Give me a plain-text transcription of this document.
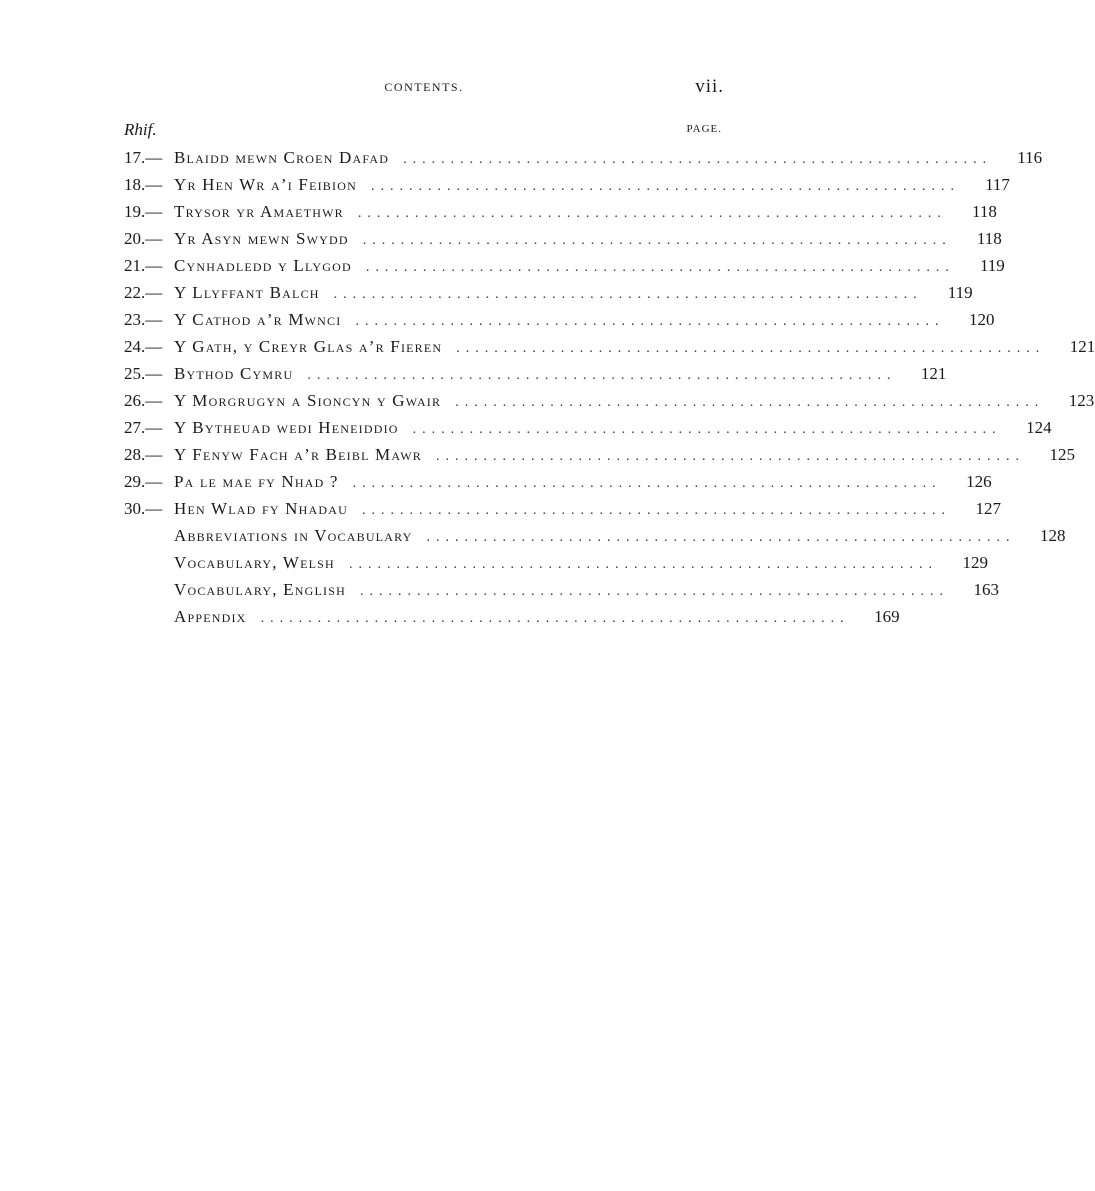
CONTENTS.	vii.
Rhif.	PAGE.
17.— Blaidd mewn Croen Dafad	..............................................................	116
18.— Yr Hen Wr a’i Feibion	..............................................................	117
19.— Trysor yr Amaethwr	..............................................................	118
20.— Yr Asyn mewn Swydd	..............................................................	118
21.— Cynhadledd y Llygod	..............................................................	119
22.— Y Llyffant Balch	..............................................................	119
23.— Y Cathod a’r Mwnci	..............................................................	120
24.— Y Gath, y Creyr Glas a’r Fieren	..............................................................	121
25.— Bythod Cymru	..............................................................	121
26.— Y Morgrugyn a Sioncyn y Gwair	..............................................................	123
27.— Y Bytheuad wedi Heneiddio	..............................................................	124
28.— Y Fenyw Fach a’r Beibl Mawr	..............................................................	125
29.— Pa le mae fy Nhad ?	..............................................................	126
30.— Hen Wlad fy Nhadau	..............................................................	127
Abbreviations in Vocabulary	..............................................................	128
Vocabulary, Welsh	..............................................................	129
Vocabulary, English	..............................................................	163
Appendix	..............................................................	169
